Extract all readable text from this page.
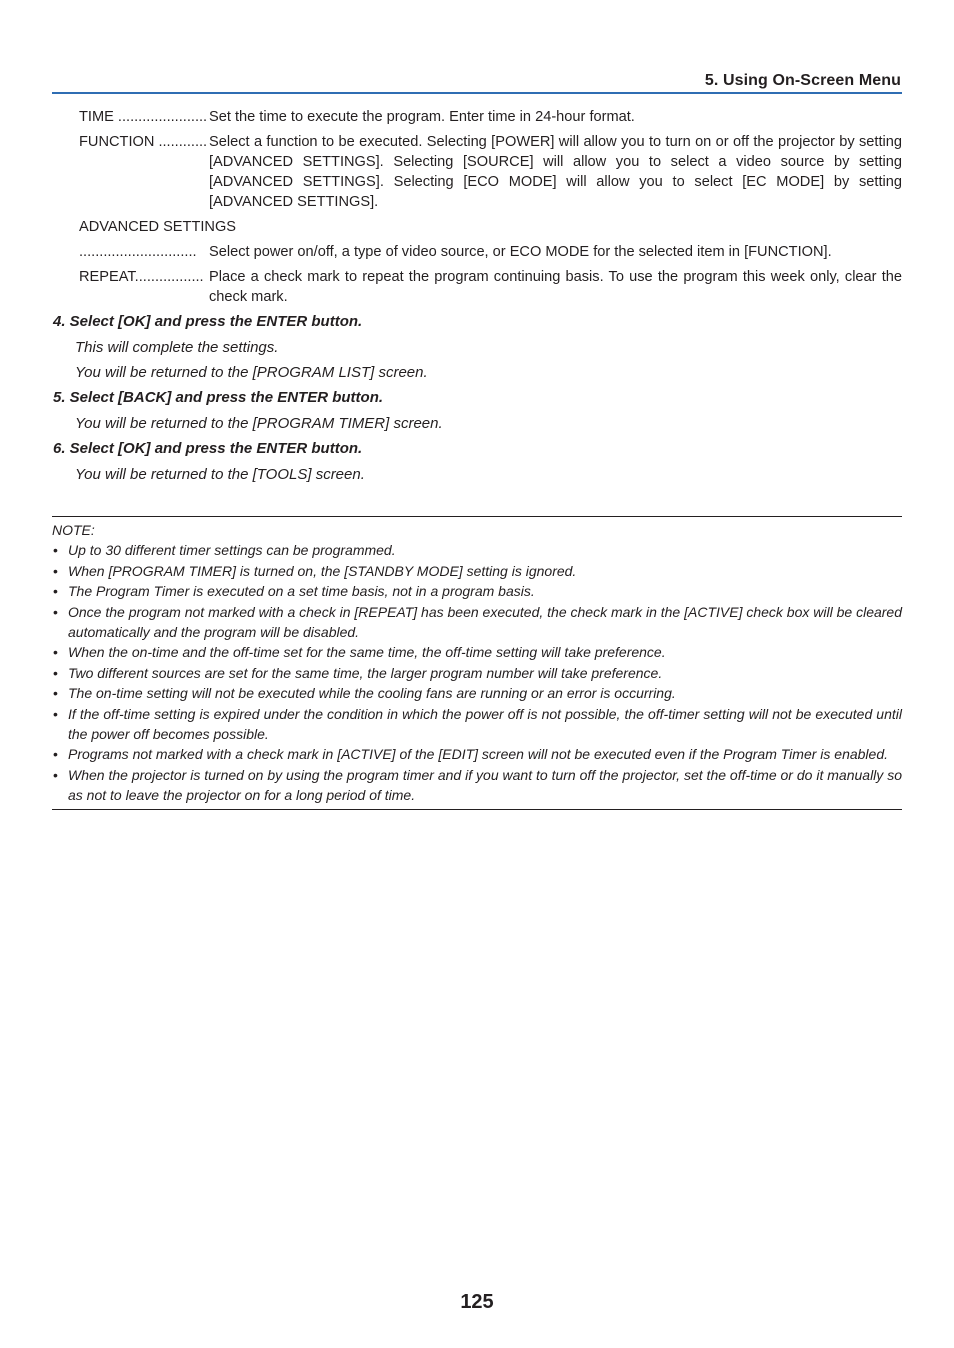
5. Using On-Screen Menu
TIME ...................... Set the time to execute the program. Enter time in 24-hour format.
FUNCTION ............ Select a function to be executed. Selecting [POWER] will allow you to turn on or off the projector by setting [ADVANCED SETTINGS]. Selecting [SOURCE] will allow you to select a video source by setting [ADVANCED SETTINGS]. Selecting [ECO MODE] will allow you to select [EC MODE] by setting [ADVANCED SETTINGS].
ADVANCED SETTINGS
............................. Select power on/off, a type of video source, or ECO MODE for the selected item in [FUNCTION].
REPEAT................. Place a check mark to repeat the program continuing basis. To use the program this week only, clear the check mark.
4. Select [OK] and press the ENTER button.
This will complete the settings.
You will be returned to the [PROGRAM LIST] screen.
5. Select [BACK] and press the ENTER button.
You will be returned to the [PROGRAM TIMER] screen.
6. Select [OK] and press the ENTER button.
You will be returned to the [TOOLS] screen.
NOTE:
• Up to 30 different timer settings can be programmed.
• When [PROGRAM TIMER] is turned on, the [STANDBY MODE] setting is ignored.
• The Program Timer is executed on a set time basis, not in a program basis.
• Once the program not marked with a check in [REPEAT] has been executed, the check mark in the [ACTIVE] check box will be cleared automatically and the program will be disabled.
• When the on-time and the off-time set for the same time, the off-time setting will take preference.
• Two different sources are set for the same time, the larger program number will take preference.
• The on-time setting will not be executed while the cooling fans are running or an error is occurring.
• If the off-time setting is expired under the condition in which the power off is not possible, the off-timer setting will not be executed until the power off becomes possible.
• Programs not marked with a check mark in [ACTIVE] of the [EDIT] screen will not be executed even if the Program Timer is enabled.
• When the projector is turned on by using the program timer and if you want to turn off the projector, set the off-time or do it manually so as not to leave the projector on for a long period of time.
125
